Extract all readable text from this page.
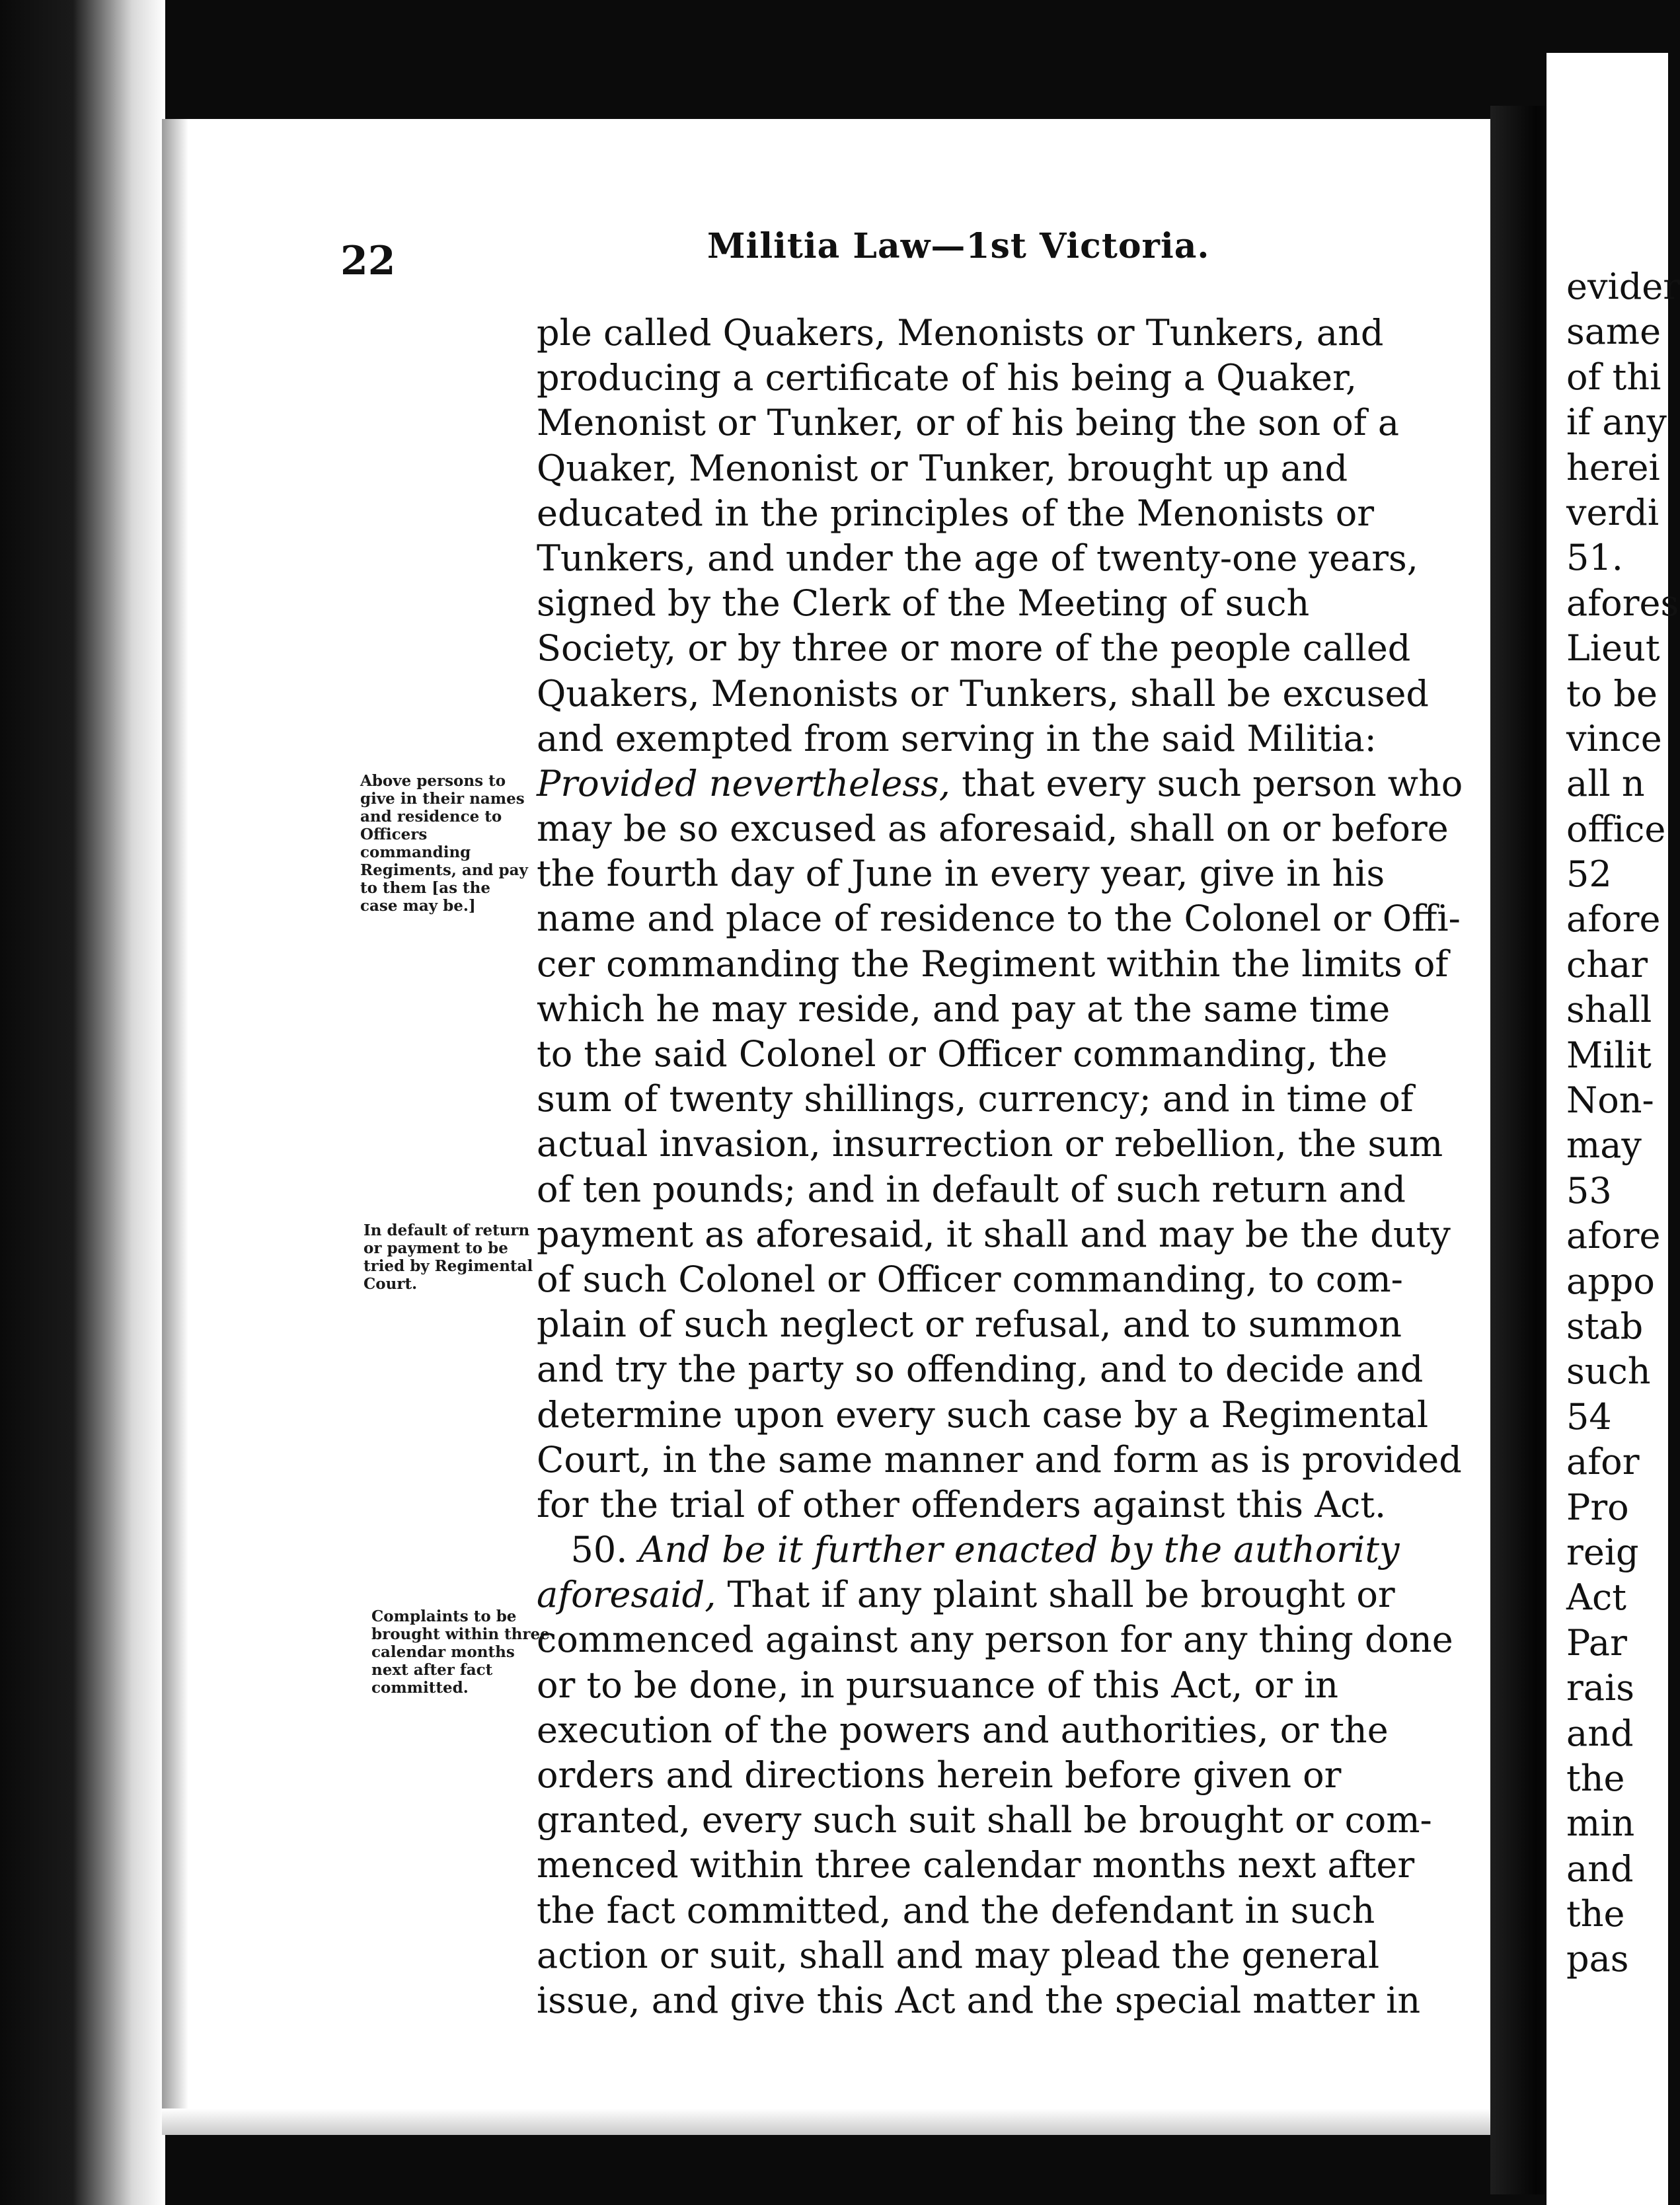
22	Militia Law—1st Victoria.
Above persons to give in their names and residence to Officers commanding Regiments, and pay to them [as the case may be.]
In default of return or payment to be tried by Regimental Court.
Complaints to be brought within three calendar months next after fact committed.
ple called Quakers, Menonists or Tunkers, and
producing a certificate of his being a Quaker,
Menonist or Tunker, or of his being the son of a
Quaker, Menonist or Tunker, brought up and
educated in the principles of the Menonists or
Tunkers, and under the age of twenty-one years,
signed by the Clerk of the Meeting of such
Society, or by three or more of the people called
Quakers, Menonists or Tunkers, shall be excused
and exempted from serving in the said Militia:
Provided nevertheless, that every such person who
may be so excused as aforesaid, shall on or before
the fourth day of June in every year, give in his
name and place of residence to the Colonel or Offi-
cer commanding the Regiment within the limits of
which he may reside, and pay at the same time
to the said Colonel or Officer commanding, the
sum of twenty shillings, currency; and in time of
actual invasion, insurrection or rebellion, the sum
of ten pounds; and in default of such return and
payment as aforesaid, it shall and may be the duty
of such Colonel or Officer commanding, to com-
plain of such neglect or refusal, and to summon
and try the party so offending, and to decide and
determine upon every such case by a Regimental
Court, in the same manner and form as is provided
for the trial of other offenders against this Act.
50. And be it further enacted by the authority
aforesaid, That if any plaint shall be brought or
commenced against any person for any thing done
or to be done, in pursuance of this Act, or in
execution of the powers and authorities, or the
orders and directions herein before given or
granted, every such suit shall be brought or com-
menced within three calendar months next after
the fact committed, and the defendant in such
action or suit, shall and may plead the general
issue, and give this Act and the special matter in
evider
same
of thi
if any
herei
verdi
51.
afores
Lieut
to be
vince
all n
office
52
afore
char
shall
Milit
Non-
may
53
afore
appo
stab
such
54
afor
Pro
reig
Act
Par
rais
and
the
min
and
the
pas
